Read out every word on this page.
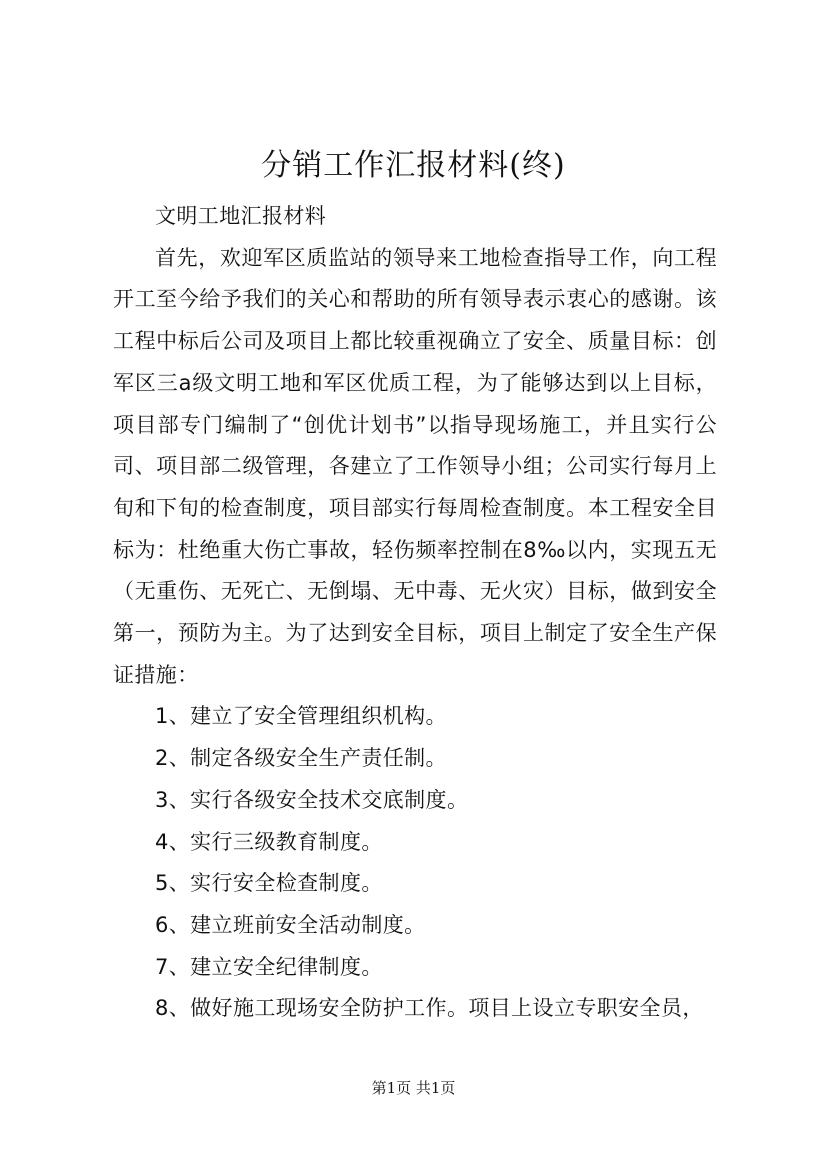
分销工作汇报材料(终)

文明工地汇报材料

首先，欢迎军区质监站的领导来工地检查指导工作，向工程开工至今给予我们的关心和帮助的所有领导表示衷心的感谢。该工程中标后公司及项目上都比较重视确立了安全、质量目标：创军区三a级文明工地和军区优质工程，为了能够达到以上目标，项目部专门编制了“创优计划书”以指导现场施工，并且实行公司、项目部二级管理，各建立了工作领导小组；公司实行每月上旬和下旬的检查制度，项目部实行每周检查制度。本工程安全目标为：杜绝重大伤亡事故，轻伤频率控制在8‰以内，实现五无（无重伤、无死亡、无倒塌、无中毒、无火灾）目标，做到安全第一，预防为主。为了达到安全目标，项目上制定了安全生产保证措施：

1、建立了安全管理组织机构。

2、制定各级安全生产责任制。

3、实行各级安全技术交底制度。

4、实行三级教育制度。

5、实行安全检查制度。

6、建立班前安全活动制度。

7、建立安全纪律制度。

8、做好施工现场安全防护工作。项目上设立专职安全员，

第1页 共1页
